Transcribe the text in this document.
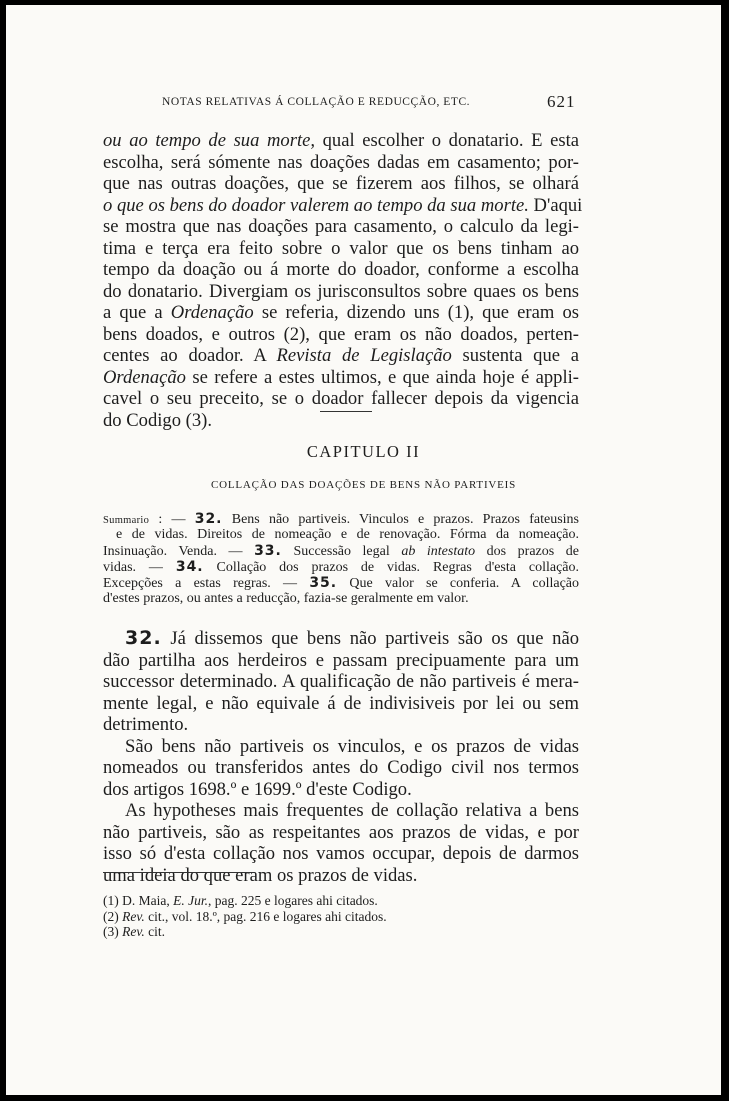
NOTAS RELATIVAS Á COLLAÇÃO E REDUCÇÃO, ETC.	621
ou ao tempo de sua morte, qual escolher o donatario. E esta
escolha, será sómente nas doações dadas em casamento; por-
que nas outras doações, que se fizerem aos filhos, se olhará
o que os bens do doador valerem ao tempo da sua morte. D'aqui
se mostra que nas doações para casamento, o calculo da legi-
tima e terça era feito sobre o valor que os bens tinham ao
tempo da doação ou á morte do doador, conforme a escolha
do donatario. Divergiam os jurisconsultos sobre quaes os bens
a que a Ordenação se referia, dizendo uns (1), que eram os
bens doados, e outros (2), que eram os não doados, perten-
centes ao doador. A Revista de Legislação sustenta que a
Ordenação se refere a estes ultimos, e que ainda hoje é appli-
cavel o seu preceito, se o doador fallecer depois da vigencia
do Codigo (3).
CAPITULO II
COLLAÇÃO DAS DOAÇÕES DE BENS NÃO PARTIVEIS
Summario : — 32. Bens não partiveis. Vinculos e prazos. Prazos fateusins
e de vidas. Direitos de nomeação e de renovação. Fórma da nomeação.
Insinuação. Venda. — 33. Successão legal ab intestato dos prazos de
vidas. — 34. Collação dos prazos de vidas. Regras d'esta collação.
Excepções a estas regras. — 35. Que valor se conferia. A collação
d'estes prazos, ou antes a reducção, fazia-se geralmente em valor.
32. Já dissemos que bens não partiveis são os que não
dão partilha aos herdeiros e passam precipuamente para um
successor determinado. A qualificação de não partiveis é mera-
mente legal, e não equivale á de indivisiveis por lei ou sem
detrimento.
São bens não partiveis os vinculos, e os prazos de vidas
nomeados ou transferidos antes do Codigo civil nos termos
dos artigos 1698.º e 1699.º d'este Codigo.
As hypotheses mais frequentes de collação relativa a bens
não partiveis, são as respeitantes aos prazos de vidas, e por
isso só d'esta collação nos vamos occupar, depois de darmos
uma ideia do que eram os prazos de vidas.
(1) D. Maia, E. Jur., pag. 225 e logares ahi citados.
(2) Rev. cit., vol. 18.º, pag. 216 e logares ahi citados.
(3) Rev. cit.
